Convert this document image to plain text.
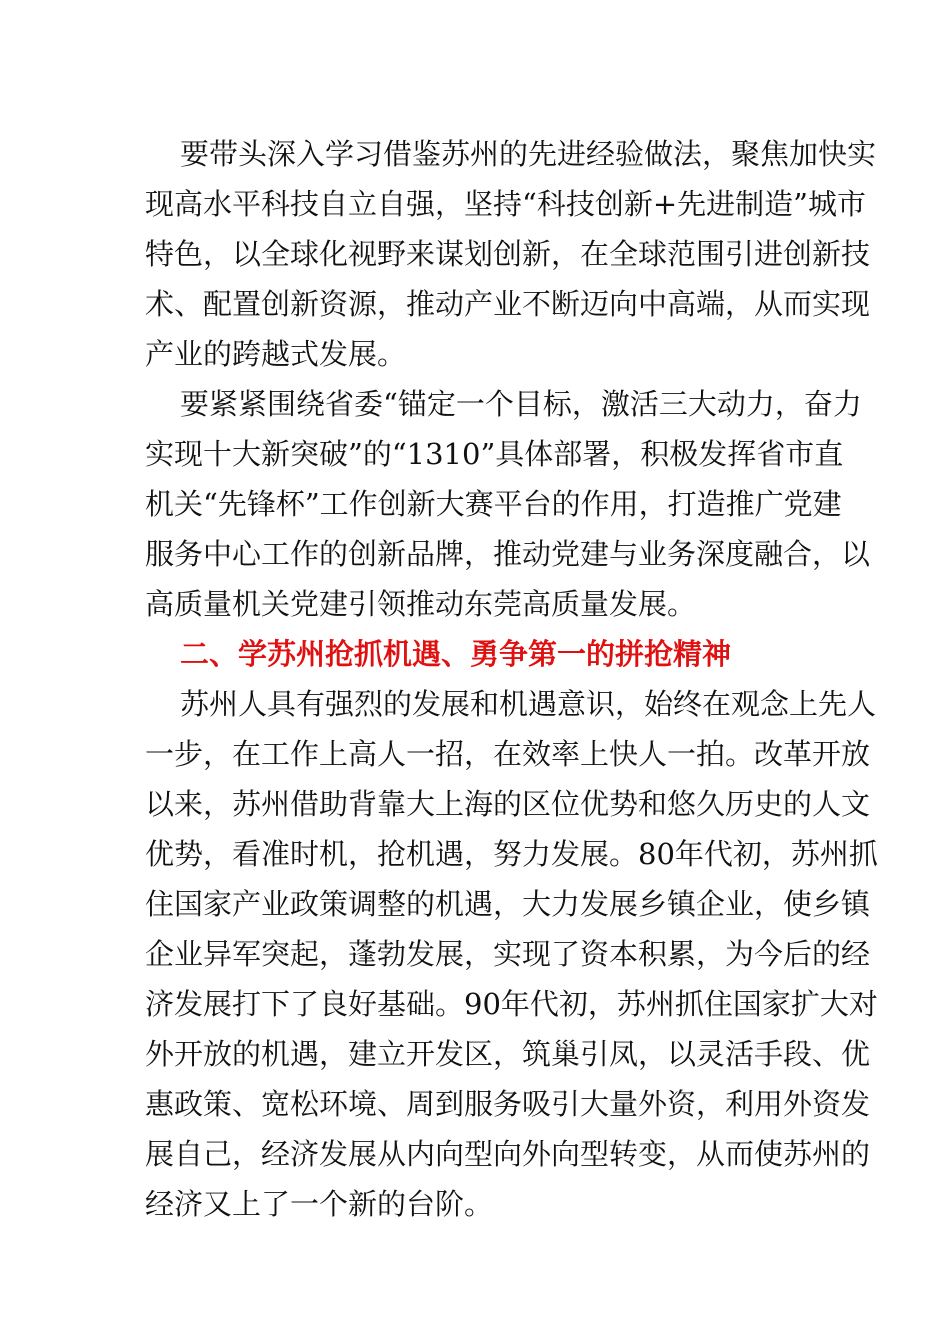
要带头深入学习借鉴苏州的先进经验做法，聚焦加快实
现高水平科技自立自强，坚持“科技创新+先进制造”城市
特色，以全球化视野来谋划创新，在全球范围引进创新技
术、配置创新资源，推动产业不断迈向中高端，从而实现
产业的跨越式发展。
要紧紧围绕省委“锚定一个目标，激活三大动力，奋力
实现十大新突破”的“1310”具体部署，积极发挥省市直
机关“先锋杯”工作创新大赛平台的作用，打造推广党建
服务中心工作的创新品牌，推动党建与业务深度融合，以
高质量机关党建引领推动东莞高质量发展。
二、学苏州抢抓机遇、勇争第一的拼抢精神
苏州人具有强烈的发展和机遇意识，始终在观念上先人
一步，在工作上高人一招，在效率上快人一拍。改革开放
以来，苏州借助背靠大上海的区位优势和悠久历史的人文
优势，看准时机，抢机遇，努力发展。80年代初，苏州抓
住国家产业政策调整的机遇，大力发展乡镇企业，使乡镇
企业异军突起，蓬勃发展，实现了资本积累，为今后的经
济发展打下了良好基础。90年代初，苏州抓住国家扩大对
外开放的机遇，建立开发区，筑巢引凤，以灵活手段、优
惠政策、宽松环境、周到服务吸引大量外资，利用外资发
展自己，经济发展从内向型向外向型转变，从而使苏州的
经济又上了一个新的台阶。
